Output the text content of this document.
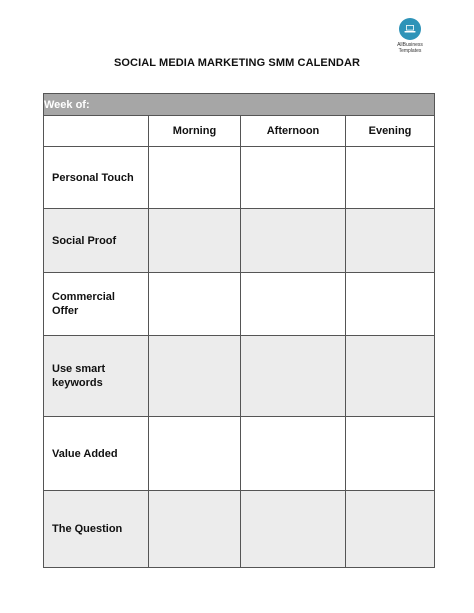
AllBusiness
Templates
SOCIAL MEDIA MARKETING SMM CALENDAR
Week of:			
	Morning	Afternoon	Evening
Personal Touch			
Social Proof			
Commercial Offer			
Use smart keywords			
Value Added			
The Question			
